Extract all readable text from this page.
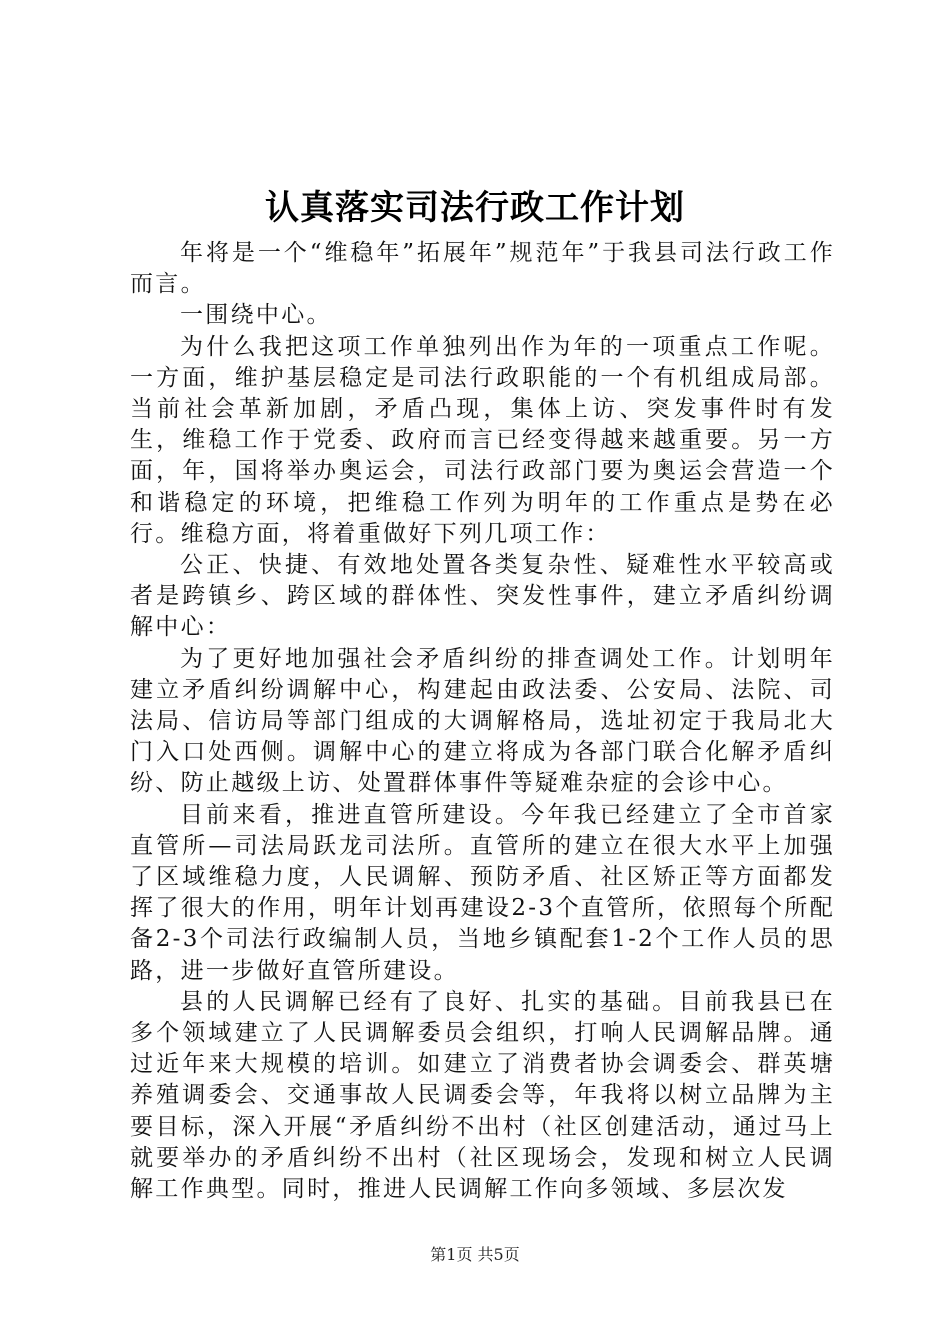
认真落实司法行政工作计划

年将是一个“维稳年”拓展年”规范年”于我县司法行政工作而言。

一围绕中心。

为什么我把这项工作单独列出作为年的一项重点工作呢。一方面，维护基层稳定是司法行政职能的一个有机组成局部。当前社会革新加剧，矛盾凸现，集体上访、突发事件时有发生，维稳工作于党委、政府而言已经变得越来越重要。另一方面，年，国将举办奥运会，司法行政部门要为奥运会营造一个和谐稳定的环境，把维稳工作列为明年的工作重点是势在必行。维稳方面，将着重做好下列几项工作：

公正、快捷、有效地处置各类复杂性、疑难性水平较高或者是跨镇乡、跨区域的群体性、突发性事件，建立矛盾纠纷调解中心：

为了更好地加强社会矛盾纠纷的排查调处工作。计划明年建立矛盾纠纷调解中心，构建起由政法委、公安局、法院、司法局、信访局等部门组成的大调解格局，选址初定于我局北大门入口处西侧。调解中心的建立将成为各部门联合化解矛盾纠纷、防止越级上访、处置群体事件等疑难杂症的会诊中心。

目前来看，推进直管所建设。今年我已经建立了全市首家直管所—司法局跃龙司法所。直管所的建立在很大水平上加强了区域维稳力度，人民调解、预防矛盾、社区矫正等方面都发挥了很大的作用，明年计划再建设2-3个直管所，依照每个所配备2-3个司法行政编制人员，当地乡镇配套1-2个工作人员的思路，进一步做好直管所建设。

县的人民调解已经有了良好、扎实的基础。目前我县已在多个领域建立了人民调解委员会组织，打响人民调解品牌。通过近年来大规模的培训。如建立了消费者协会调委会、群英塘养殖调委会、交通事故人民调委会等，年我将以树立品牌为主要目标，深入开展“矛盾纠纷不出村（社区创建活动，通过马上就要举办的矛盾纠纷不出村（社区现场会，发现和树立人民调解工作典型。同时，推进人民调解工作向多领域、多层次发

第1页 共5页
